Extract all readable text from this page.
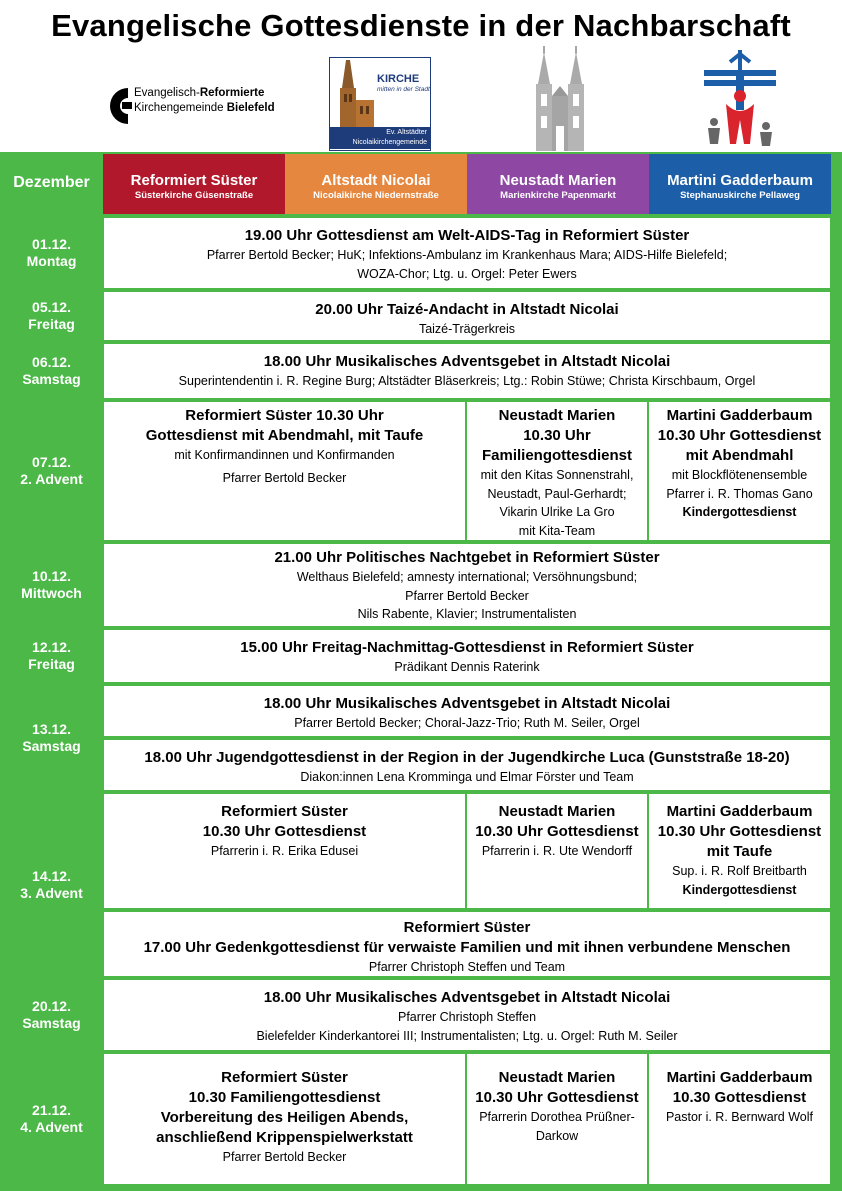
Evangelische Gottesdienste in der Nachbarschaft
Evangelisch-Reformierte
Kirchengemeinde Bielefeld
KIRCHE
mitten in der Stadt
Ev. Altstädter
Nicolaikirchengemeinde
Dezember	Reformiert Süster
Süsterkirche Güsenstraße
Altstadt Nicolai
Nicolaikirche Niedernstraße
Neustadt Marien
Marienkirche Papenmarkt
Martini Gadderbaum
Stephanuskirche Pellaweg
01.12.
Montag
19.00 Uhr Gottesdienst am Welt-AIDS-Tag in Reformiert Süster
Pfarrer Bertold Becker; HuK; Infektions-Ambulanz im Krankenhaus Mara; AIDS-Hilfe Bielefeld;
WOZA-Chor; Ltg. u. Orgel: Peter Ewers
05.12.
Freitag
20.00 Uhr Taizé-Andacht in Altstadt Nicolai
Taizé-Trägerkreis
06.12.
Samstag
18.00 Uhr Musikalisches Adventsgebet in Altstadt Nicolai
Superintendentin i. R. Regine Burg; Altstädter Bläserkreis; Ltg.: Robin Stüwe; Christa Kirschbaum, Orgel
07.12.
2. Advent
Reformiert Süster 10.30 Uhr
Gottesdienst mit Abendmahl, mit Taufe
mit Konfirmandinnen und Konfirmanden
Pfarrer Bertold Becker
Neustadt Marien
10.30 Uhr
Familiengottesdienst
mit den Kitas Sonnenstrahl,
Neustadt, Paul-Gerhardt;
Vikarin Ulrike La Gro
mit Kita-Team
Martini Gadderbaum
10.30 Uhr Gottesdienst
mit Abendmahl
mit Blockflötenensemble
Pfarrer i. R. Thomas Gano
Kindergottesdienst
10.12.
Mittwoch
21.00 Uhr Politisches Nachtgebet in Reformiert Süster
Welthaus Bielefeld; amnesty international; Versöhnungsbund;
Pfarrer Bertold Becker
Nils Rabente, Klavier; Instrumentalisten
12.12.
Freitag
15.00 Uhr Freitag-Nachmittag-Gottesdienst in Reformiert Süster
Prädikant Dennis Raterink
13.12.
Samstag
18.00 Uhr Musikalisches Adventsgebet in Altstadt Nicolai
Pfarrer Bertold Becker; Choral-Jazz-Trio; Ruth M. Seiler, Orgel
18.00 Uhr Jugendgottesdienst in der Region in der Jugendkirche Luca (Gunststraße 18-20)
Diakon:innen Lena Kromminga und Elmar Förster und Team
14.12.
3. Advent
Reformiert Süster
10.30 Uhr Gottesdienst
Pfarrerin i. R. Erika Edusei
Neustadt Marien
10.30 Uhr Gottesdienst
Pfarrerin i. R. Ute Wendorff
Martini Gadderbaum
10.30 Uhr Gottesdienst
mit Taufe
Sup. i. R. Rolf Breitbarth
Kindergottesdienst
Reformiert Süster
17.00 Uhr Gedenkgottesdienst für verwaiste Familien und mit ihnen verbundene Menschen
Pfarrer Christoph Steffen und Team
20.12.
Samstag
18.00 Uhr Musikalisches Adventsgebet in Altstadt Nicolai
Pfarrer Christoph Steffen
Bielefelder Kinderkantorei III; Instrumentalisten; Ltg. u. Orgel: Ruth M. Seiler
21.12.
4. Advent
Reformiert Süster
10.30 Familiengottesdienst
Vorbereitung des Heiligen Abends,
anschließend Krippenspielwerkstatt
Pfarrer Bertold Becker
Neustadt Marien
10.30 Uhr Gottesdienst
Pfarrerin Dorothea Prüßner-
Darkow
Martini Gadderbaum
10.30 Gottesdienst
Pastor i. R. Bernward Wolf
